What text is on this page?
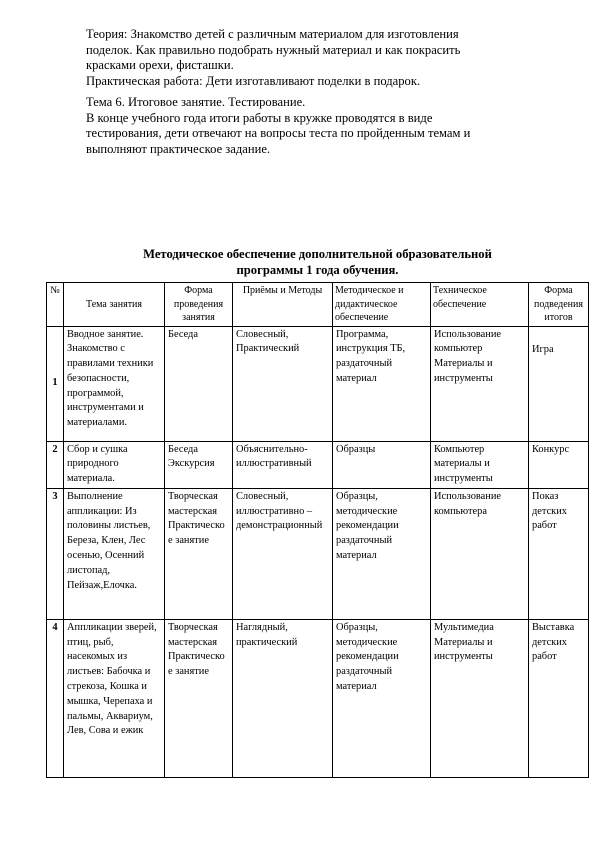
Теория: Знакомство детей с различным материалом для изготовления

поделок. Как правильно подобрать нужный материал и как покрасить

красками орехи, фисташки.

Практическая работа: Дети изготавливают поделки в подарок.

Тема 6. Итоговое занятие. Тестирование.

В конце учебного года итоги работы в кружке проводятся в виде

тестирования, дети отвечают на вопросы теста по пройденным темам и

выполняют практическое задание.

Методическое обеспечение дополнительной образовательной
программы 1 года обучения.
№	Тема занятия	Форма проведения занятия	Приёмы и Методы	Методическое и дидактическое обеспечение	Техническое обеспечение	Форма подведения итогов
1	Вводное занятие. Знакомство с правилами техники безопасности, программой, инструментами и материалами.	Беседа	Словесный, Практический	Программа, инструкция ТБ, раздаточный материал	Использование компьютер Материалы и инструменты	Игра
2	Сбор и сушка природного материала.	Беседа Экскурсия	Объяснительно-иллюстративный	Образцы	Компьютер материалы и инструменты	Конкурс
3	Выполнение аппликации: Из половины листьев, Береза, Клен, Лес осенью, Осенний листопад, Пейзаж,Елочка.	Творческая мастерская Практическое занятие	Словесный, иллюстративно – демонстрационный	Образцы, методические рекомендации раздаточный материал	Использование компьютера	Показ детских работ
4	Аппликации зверей, птиц, рыб, насекомых из листьев: Бабочка и стрекоза, Кошка и мышка, Черепаха и пальмы, Аквариум, Лев, Сова и ежик	Творческая мастерская Практическое занятие	Наглядный, практический	Образцы, методические рекомендации раздаточный материал	Мультимедиа Материалы и инструменты	Выставка детских работ
